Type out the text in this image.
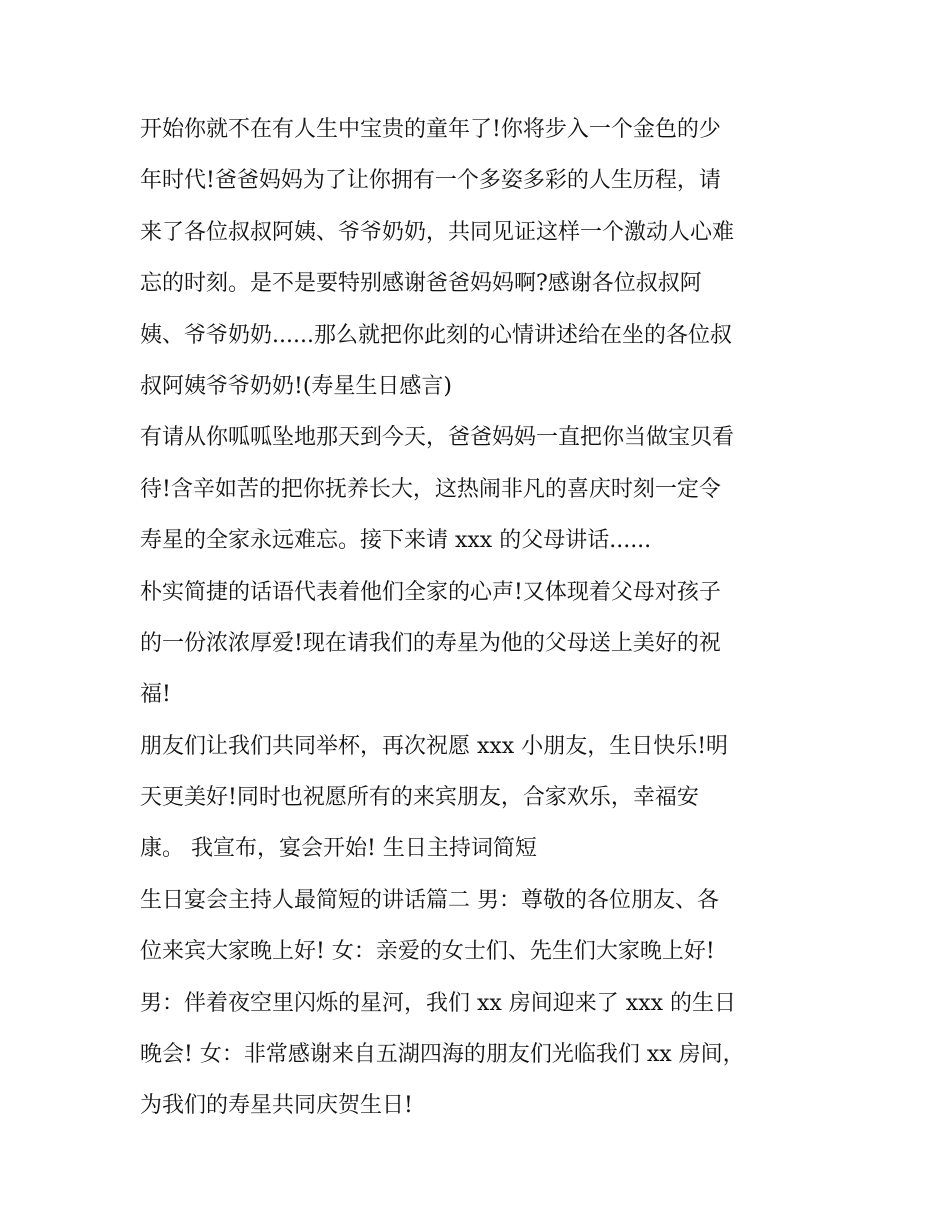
开始你就不在有人生中宝贵的童年了!你将步入一个金色的少
年时代!爸爸妈妈为了让你拥有一个多姿多彩的人生历程，请
来了各位叔叔阿姨、爷爷奶奶，共同见证这样一个激动人心难
忘的时刻。是不是要特别感谢爸爸妈妈啊?感谢各位叔叔阿
姨、爷爷奶奶......那么就把你此刻的心情讲述给在坐的各位叔
叔阿姨爷爷奶奶!(寿星生日感言)
有请从你呱呱坠地那天到今天，爸爸妈妈一直把你当做宝贝看
待!含辛如苦的把你抚养长大，这热闹非凡的喜庆时刻一定令
寿星的全家永远难忘。接下来请 xxx 的父母讲话......
朴实简捷的话语代表着他们全家的心声!又体现着父母对孩子
的一份浓浓厚爱!现在请我们的寿星为他的父母送上美好的祝
福!
朋友们让我们共同举杯，再次祝愿 xxx 小朋友，生日快乐!明
天更美好!同时也祝愿所有的来宾朋友，合家欢乐，幸福安
康。 我宣布，宴会开始! 生日主持词简短
生日宴会主持人最简短的讲话篇二 男：尊敬的各位朋友、各
位来宾大家晚上好! 女：亲爱的女士们、先生们大家晚上好!
男：伴着夜空里闪烁的星河，我们 xx 房间迎来了 xxx 的生日
晚会! 女：非常感谢来自五湖四海的朋友们光临我们 xx 房间，
为我们的寿星共同庆贺生日!
